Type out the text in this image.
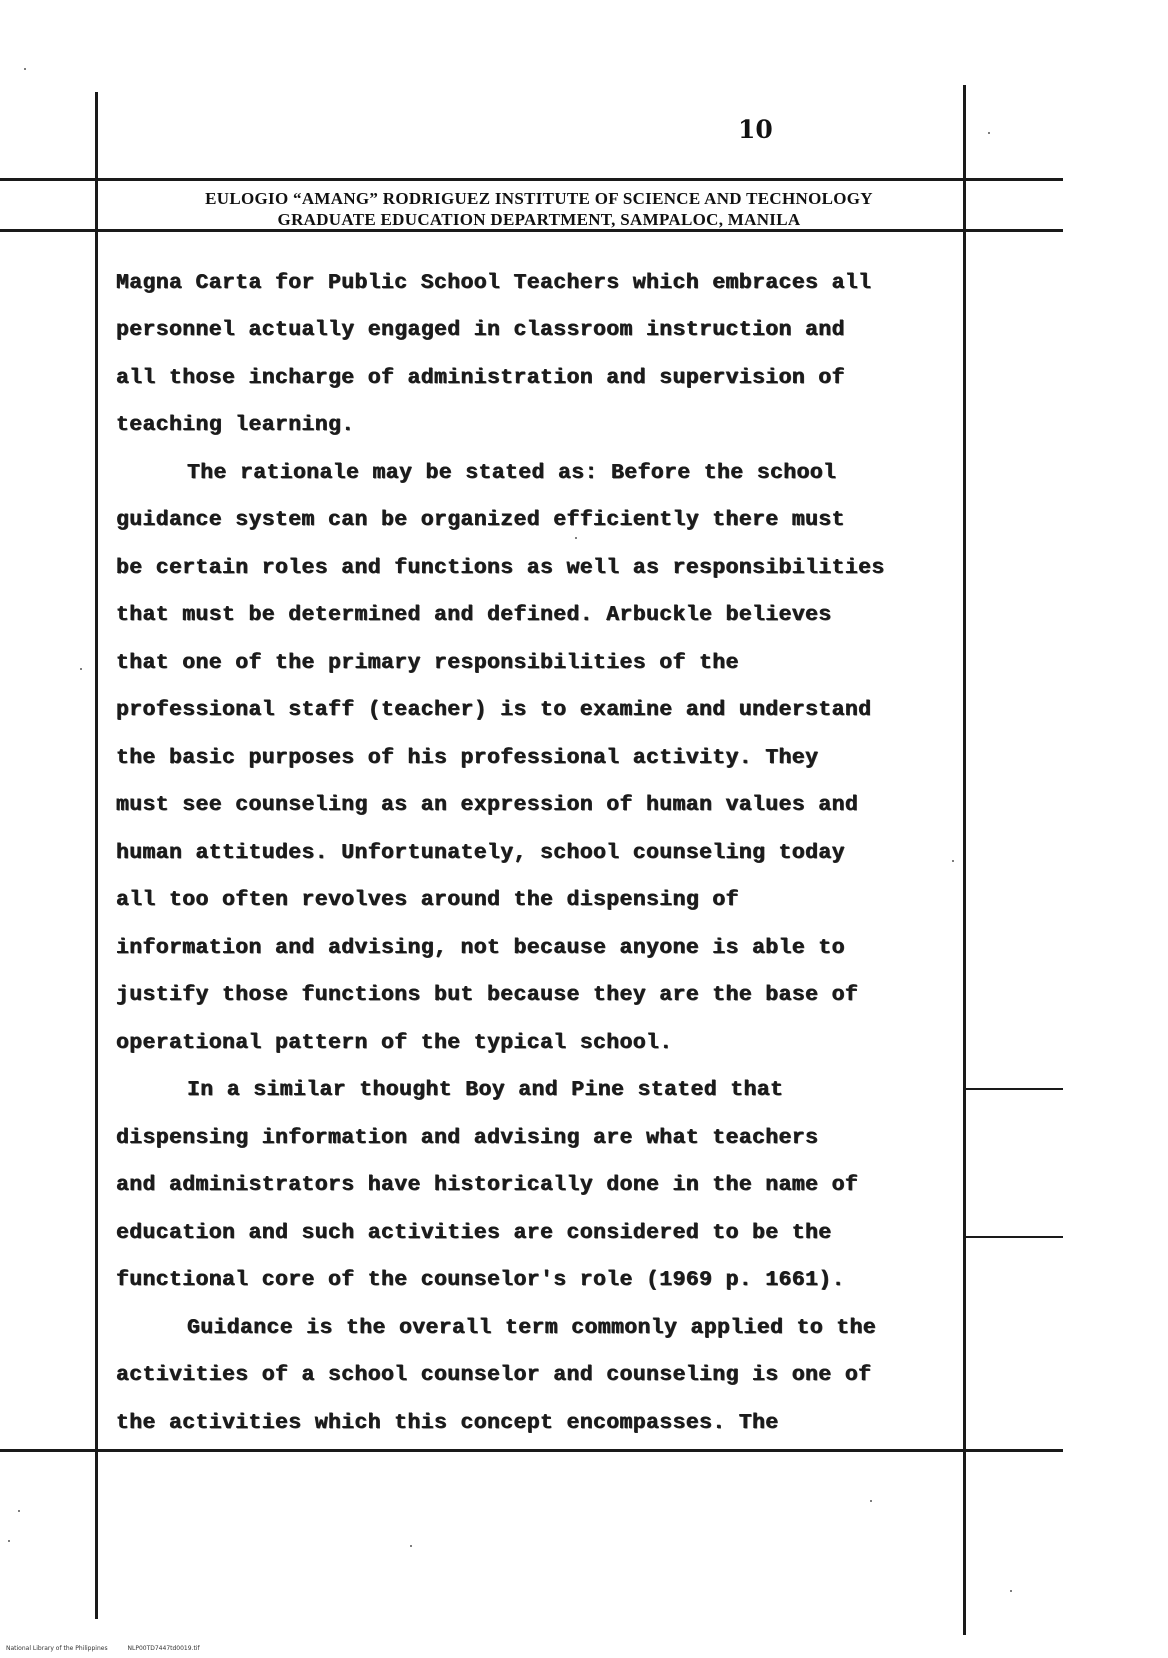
10
EULOGIO “AMANG” RODRIGUEZ INSTITUTE OF SCIENCE AND TECHNOLOGY
GRADUATE EDUCATION DEPARTMENT, SAMPALOC, MANILA
Magna Carta for Public School Teachers which embraces all
personnel actually engaged in classroom instruction and
all those incharge of administration and supervision of
teaching learning.
The rationale may be stated as: Before the school
guidance system can be organized efficiently there must
be certain roles and functions as well as responsibilities
that must be determined and defined. Arbuckle believes
that one of the primary responsibilities of the
professional staff (teacher) is to examine and understand
the basic purposes of his professional activity. They
must see counseling as an expression of human values and
human attitudes. Unfortunately, school counseling today
all too often revolves around the dispensing of
information and advising, not because anyone is able to
justify those functions but because they are the base of
operational pattern of the typical school.
In a similar thought Boy and Pine stated that
dispensing information and advising are what teachers
and administrators have historically done in the name of
education and such activities are considered to be the
functional core of the counselor's role (1969 p. 1661).
Guidance is the overall term commonly applied to the
activities of a school counselor and counseling is one of
the activities which this concept encompasses. The
National Library of the Philippines	NLP00TD7447td0019.tif
